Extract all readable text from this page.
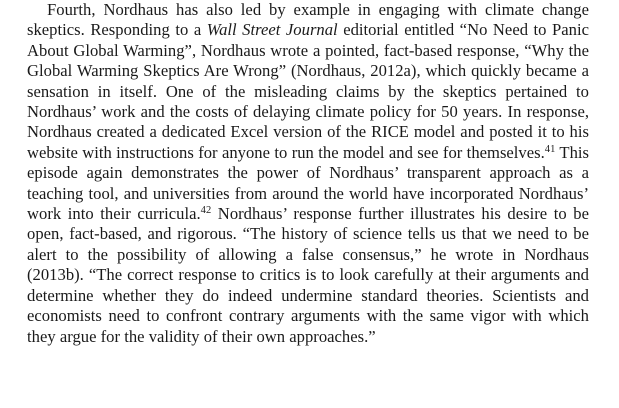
Fourth, Nordhaus has also led by example in engaging with climate change skeptics. Responding to a Wall Street Journal editorial entitled “No Need to Panic About Global Warming”, Nordhaus wrote a pointed, fact-based response, “Why the Global Warming Skeptics Are Wrong” (Nordhaus, 2012a), which quickly became a sensation in itself. One of the misleading claims by the skeptics pertained to Nordhaus’ work and the costs of delaying climate policy for 50 years. In response, Nordhaus created a dedicated Excel version of the RICE model and posted it to his website with instructions for anyone to run the model and see for themselves.$^{41}$ This episode again demonstrates the power of Nordhaus’ transparent approach as a teaching tool, and universities from around the world have incorporated Nordhaus’ work into their curricula.$^{42}$ Nordhaus’ response further illustrates his desire to be open, fact-based, and rigorous. “The history of science tells us that we need to be alert to the possibility of allowing a false consensus,” he wrote in Nordhaus (2013b). “The correct response to critics is to look carefully at their arguments and determine whether they do indeed undermine standard theories. Scientists and economists need to confront contrary arguments with the same vigor with which they argue for the validity of their own approaches.”
